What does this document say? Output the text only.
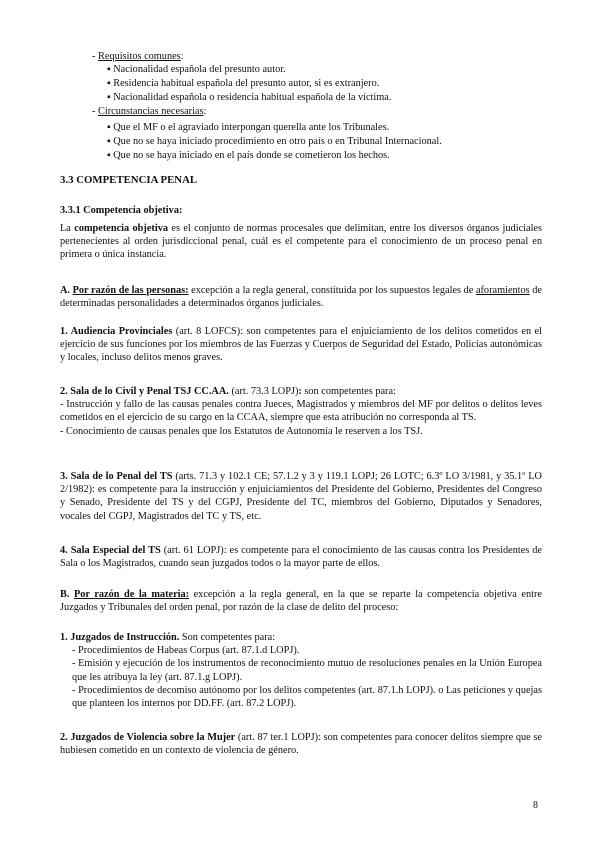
- Requisitos comunes:
▪ Nacionalidad española del presunto autor.
▪ Residencia habitual española del presunto autor, si es extranjero.
▪ Nacionalidad española o residencia habitual española de la víctima.
- Circunstancias necesarias:
▪ Que el MF o el agraviado interpongan querella ante los Tribunales.
▪ Que no se haya iniciado procedimiento en otro país o en Tribunal Internacional.
▪ Que no se haya iniciado en el país donde se cometieron los hechos.
3.3 COMPETENCIA PENAL
3.3.1 Competencia objetiva:
La competencia objetiva es el conjunto de normas procesales que delimitan, entre los diversos órganos judiciales pertenecientes al orden jurisdiccional penal, cuál es el competente para el conocimiento de un proceso penal en primera o única instancia.
A. Por razón de las personas: excepción a la regla general, constituida por los supuestos legales de aforamientos de determinadas personalidades a determinados órganos judiciales.
1. Audiencia Provinciales (art. 8 LOFCS): son competentes para el enjuiciamiento de los delitos cometidos en el ejercicio de sus funciones por los miembros de las Fuerzas y Cuerpos de Seguridad del Estado, Policías autonómicas y locales, incluso delitos menos graves.

2. Sala de lo Civil y Penal TSJ CC.AA. (art. 73.3 LOPJ): son competentes para:

- Instrucción y fallo de las causas penales contra Jueces, Magistrados y miembros del MF por delitos o delitos leves cometidos en el ejercicio de su cargo en la CCAA, siempre que esta atribución no corresponda al TS.

- Conocimiento de causas penales que los Estatutos de Autonomía le reserven a los TSJ.

3. Sala de lo Penal del TS (arts. 71.3 y 102.1 CE; 57.1.2 y 3 y 119.1 LOPJ; 26 LOTC; 6.3º LO 3/1981, y 35.1º LO 2/1982): es competente para la instrucción y enjuiciamientos del Presidente del Gobierno, Presidentes del Congreso y Senado, Presidente del TS y del CGPJ, Presidente del TC, miembros del Gobierno, Diputados y Senadores, vocales del CGPJ, Magistrados del TC y TS, etc.
4. Sala Especial del TS (art. 61 LOPJ): es competente para el conocimiento de las causas contra los Presidentes de Sala o los Magistrados, cuando sean juzgados todos o la mayor parte de ellos.
B. Por razón de la materia: excepción a la regla general, en la que se reparte la competencia objetiva entre Juzgados y Tribunales del orden penal, por razón de la clase de delito del proceso:

1. Juzgados de Instrucción. Son competentes para:

- Procedimientos de Habeas Corpus (art. 87.1.d LOPJ).

- Emisión y ejecución de los instrumentos de reconocimiento mutuo de resoluciones penales en la Unión Europea que les atribuya la ley (art. 87.1.g LOPJ).

- Procedimientos de decomiso autónomo por los delitos competentes (art. 87.1.h LOPJ). o Las peticiones y quejas que planteen los internos por DD.FF. (art. 87.2 LOPJ).

2. Juzgados de Violencia sobre la Mujer (art. 87 ter.1 LOPJ): son competentes para conocer delitos siempre que se hubiesen cometido en un contexto de violencia de género.
8
